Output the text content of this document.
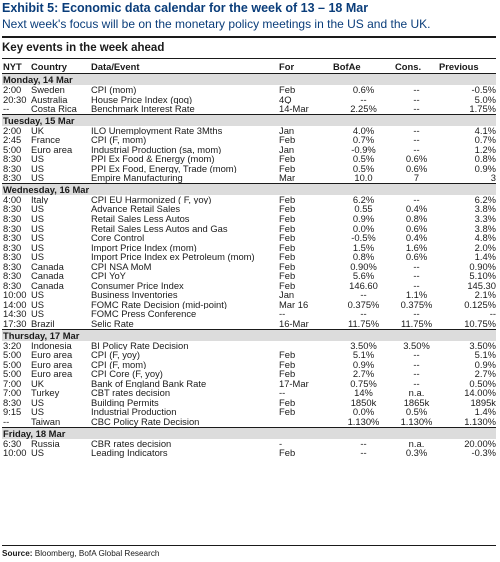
Exhibit 5: Economic data calendar for the week of 13 – 18 Mar
Next week's focus will be on the monetary policy meetings in the US and the UK.
Key events in the week ahead
NYT	Country	Data/Event	For	BofAe	Cons.	Previous
Monday, 14 Mar						
2:00	Sweden	CPI (mom)	Feb	0.6%	--	-0.5%
20:30	Australia	House Price Index (qoq)	4Q	--	--	5.0%
--	Costa Rica	Benchmark Interest Rate	14-Mar	2.25%	--	1.75%
Tuesday, 15 Mar						
2:00	UK	ILO Unemployment Rate 3Mths	Jan	4.0%	--	4.1%
2:45	France	CPI (F, mom)	Feb	0.7%	--	0.7%
5:00	Euro area	Industrial Production (sa, mom)	Jan	-0.9%	--	1.2%
8:30	US	PPI Ex Food & Energy (mom)	Feb	0.5%	0.6%	0.8%
8:30	US	PPI Ex Food, Energy, Trade (mom)	Feb	0.5%	0.6%	0.9%
8:30	US	Empire Manufacturing	Mar	10.0	7	3
Wednesday, 16 Mar						
4:00	Italy	CPI EU Harmonized ( F, yoy)	Feb	6.2%	--	6.2%
8:30	US	Advance Retail Sales	Feb	0.55	0.4%	3.8%
8:30	US	Retail Sales Less Autos	Feb	0.9%	0.8%	3.3%
8:30	US	Retail Sales Less Autos and Gas	Feb	0.0%	0.6%	3.8%
8:30	US	Core Control	Feb	-0.5%	0.4%	4.8%
8:30	US	Import Price Index (mom)	Feb	1.5%	1.6%	2.0%
8:30	US	Import Price Index ex Petroleum (mom)	Feb	0.8%	0.6%	1.4%
8:30	Canada	CPI NSA MoM	Feb	0.90%	--	0.90%
8:30	Canada	CPI YoY	Feb	5.6%	--	5.10%
8:30	Canada	Consumer Price Index	Feb	146.60	--	145.30
10:00	US	Business Inventories	Jan	--	1.1%	2.1%
14:00	US	FOMC Rate Decision (mid-point)	Mar 16	0.375%	0.375%	0.125%
14:30	US	FOMC Press Conference	--	--	--	--
17:30	Brazil	Selic Rate	16-Mar	11.75%	11.75%	10.75%
Thursday, 17 Mar						
3:20	Indonesia	BI Policy Rate Decision		3.50%	3.50%	3.50%
5:00	Euro area	CPI (F, yoy)	Feb	5.1%	--	5.1%
5:00	Euro area	CPI (F, mom)	Feb	0.9%	--	0.9%
5:00	Euro area	CPI Core (F, yoy)	Feb	2.7%	--	2.7%
7:00	UK	Bank of England Bank Rate	17-Mar	0.75%	--	0.50%
7:00	Turkey	CBT rates decision	--	14%	n.a.	14.00%
8:30	US	Building Permits	Feb	1850k	1865k	1895k
9:15	US	Industrial Production	Feb	0.0%	0.5%	1.4%
--	Taiwan	CBC Policy Rate Decision		1.130%	1.130%	1.130%
Friday, 18 Mar						
6:30	Russia	CBR rates decision	-	--	n.a.	20.00%
10:00	US	Leading Indicators	Feb	--	0.3%	-0.3%
Source: Bloomberg, BofA Global Research
